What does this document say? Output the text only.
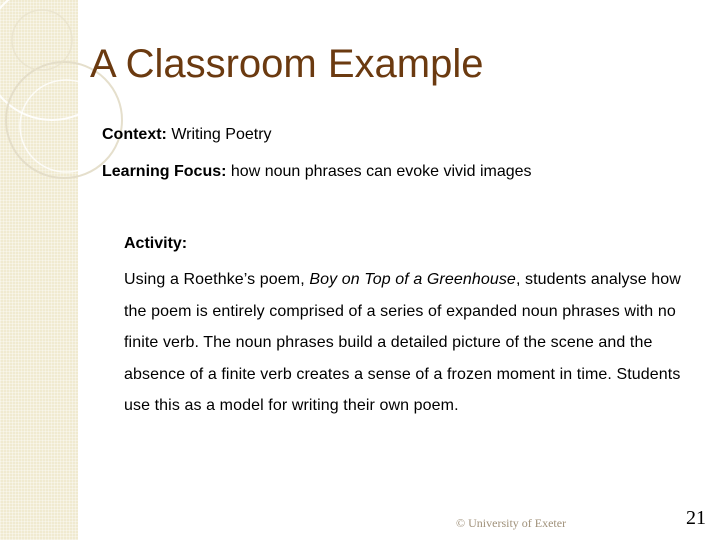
A Classroom Example
Context: Writing Poetry
Learning Focus: how noun phrases can evoke vivid images
Activity:
Using a Roethke’s poem, Boy on Top of a Greenhouse, students analyse how the poem is entirely comprised of a series of expanded noun phrases with no finite verb. The noun phrases build a detailed picture of the scene and the absence of a finite verb creates a sense of a frozen moment in time. Students use this as a model for writing their own poem.
© University of Exeter	21
